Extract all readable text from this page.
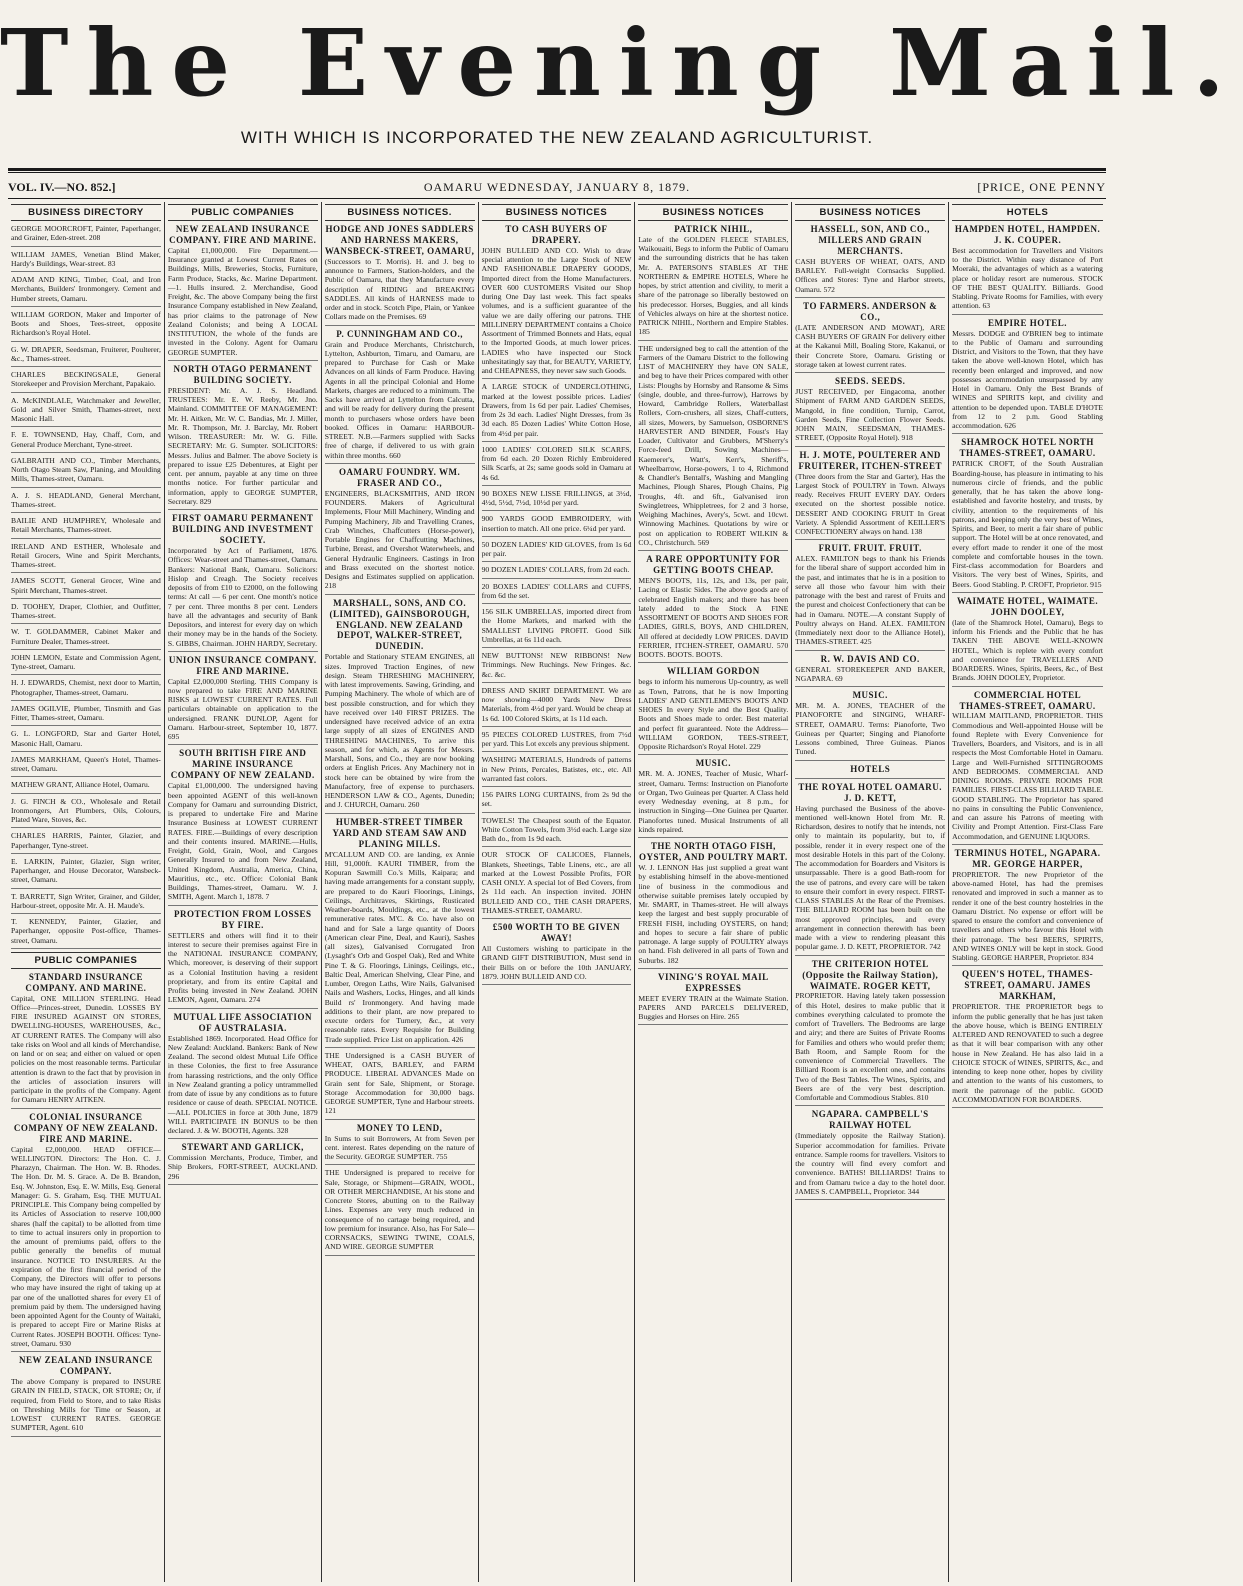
The Evening Mail.
WITH WHICH IS INCORPORATED THE NEW ZEALAND AGRICULTURIST.
VOL. IV.—NO. 852.]	OAMARU WEDNESDAY, JANUARY 8, 1879.	[PRICE, ONE PENNY
BUSINESS DIRECTORY
GEORGE MOORCROFT, Painter, Paperhanger, and Grainer, Eden-street. 208
WILLIAM JAMES, Venetian Blind Maker, Hardy's Buildings, Wear-street. 83
ADAM AND KING, Timber, Coal, and Iron Merchants, Builders' Ironmongery. Cement and Humber streets, Oamaru.
WILLIAM GORDON, Maker and Importer of Boots and Shoes, Tees-street, opposite Richardson's Royal Hotel.
G. W. DRAPER, Seedsman, Fruiterer, Poulterer, &c., Thames-street.
CHARLES BECKINGSALE, General Storekeeper and Provision Merchant, Papakaio.
A. McKINDLALE, Watchmaker and Jeweller, Gold and Silver Smith, Thames-street, next Masonic Hall.
F. E. TOWNSEND, Hay, Chaff, Corn, and General Produce Merchant, Tyne-street.
GALBRAITH AND CO., Timber Merchants, North Otago Steam Saw, Planing, and Moulding Mills, Thames-street, Oamaru.
A. J. S. HEADLAND, General Merchant, Thames-street.
BAILIE AND HUMPHREY, Wholesale and Retail Merchants, Thames-street.
IRELAND AND ESTHER, Wholesale and Retail Grocers, Wine and Spirit Merchants, Thames-street.
JAMES SCOTT, General Grocer, Wine and Spirit Merchant, Thames-street.
D. TOOHEY, Draper, Clothier, and Outfitter, Thames-street.
W. T. GOLDAMMER, Cabinet Maker and Furniture Dealer, Thames-street.
JOHN LEMON, Estate and Commission Agent, Tyne-street, Oamaru.
H. J. EDWARDS, Chemist, next door to Martin, Photographer, Thames-street, Oamaru.
JAMES OGILVIE, Plumber, Tinsmith and Gas Fitter, Thames-street, Oamaru.
G. L. LONGFORD, Star and Garter Hotel, Masonic Hall, Oamaru.
JAMES MARKHAM, Queen's Hotel, Thames-street, Oamaru.
MATHEW GRANT, Alliance Hotel, Oamaru.
J. G. FINCH & CO., Wholesale and Retail Ironmongers, Art Plumbers, Oils, Colours, Plated Ware, Stoves, &c.
CHARLES HARRIS, Painter, Glazier, and Paperhanger, Tyne-street.
E. LARKIN, Painter, Glazier, Sign writer, Paperhanger, and House Decorator, Wansbeck-street, Oamaru.
T. BARRETT, Sign Writer, Grainer, and Gilder, Harbour-street, opposite Mr. A. H. Maude's.
T. KENNEDY, Painter, Glazier, and Paperhanger, opposite Post-office, Thames-street, Oamaru.
PUBLIC COMPANIES
STANDARD INSURANCE COMPANY. AND MARINE.
Capital, ONE MILLION STERLING. Head Office—Princes-street, Dunedin. LOSSES BY FIRE INSURED AGAINST ON STORES, DWELLING-HOUSES, WAREHOUSES, &c., AT CURRENT RATES. The Company will also take risks on Wool and all kinds of Merchandise, on land or on sea; and either on valued or open policies on the most reasonable terms. Particular attention is drawn to the fact that by provision in the articles of association insurers will participate in the profits of the Company. Agent for Oamaru HENRY AITKEN.
COLONIAL INSURANCE COMPANY OF NEW ZEALAND. FIRE AND MARINE.
Capital £2,000,000. HEAD OFFICE—WELLINGTON. Directors: The Hon. C. J. Pharazyn, Chairman. The Hon. W. B. Rhodes. The Hon. Dr. M. S. Grace. A. De B. Brandon, Esq. W. Johnston, Esq. E. W. Mills, Esq. General Manager: G. S. Graham, Esq. THE MUTUAL PRINCIPLE. This Company being compelled by its Articles of Association to reserve 100,000 shares (half the capital) to be allotted from time to time to actual insurers only in proportion to the amount of premiums paid, offers to the public generally the benefits of mutual insurance. NOTICE TO INSURERS. At the expiration of the first financial period of the Company, the Directors will offer to persons who may have insured the right of taking up at par one of the unallotted shares for every £1 of premium paid by them. The undersigned having been appointed Agent for the County of Waitaki, is prepared to accept Fire or Marine Risks at Current Rates. JOSEPH BOOTH. Offices: Tyne-street, Oamaru. 930
NEW ZEALAND INSURANCE COMPANY.
The above Company is prepared to INSURE GRAIN IN FIELD, STACK, OR STORE; Or, if required, from Field to Store, and to take Risks on Threshing Mills for Time or Season, at LOWEST CURRENT RATES. GEORGE SUMPTER, Agent. 610
PUBLIC COMPANIES
NEW ZEALAND INSURANCE COMPANY. FIRE AND MARINE.
Capital £1,000,000. Fire Department.—Insurance granted at Lowest Current Rates on Buildings, Mills, Breweries, Stocks, Furniture, Farm Produce, Stacks, &c. Marine Department.—1. Hulls insured. 2. Merchandise, Good Freight, &c. The above Company being the first Insurance Company established in New Zealand, has prior claims to the patronage of New Zealand Colonists; and being A LOCAL INSTITUTION, the whole of the funds are invested in the Colony. Agent for Oamaru GEORGE SUMPTER.
NORTH OTAGO PERMANENT BUILDING SOCIETY.
PRESIDENT: Mr. A. J. S. Headland. TRUSTEES: Mr. E. W. Reeby, Mr. Jno. Mainland. COMMITTEE OF MANAGEMENT: Mr. H. Aitken, Mr. W. C. Bandias, Mr. J. Miller, Mr. R. Thompson, Mr. J. Barclay, Mr. Robert Wilson. TREASURER: Mr. W. G. Fille. SECRETARY: Mr. G. Sumpter. SOLICITORS: Messrs. Julius and Balmer. The above Society is prepared to issue £25 Debentures, at Eight per cent. per annum, payable at any time on three months notice. For further particular and information, apply to GEORGE SUMPTER, Secretary. 829
FIRST OAMARU PERMANENT BUILDING AND INVESTMENT SOCIETY.
Incorporated by Act of Parliament, 1876. Offices: Wear-street and Thames-street, Oamaru. Bankers: National Bank, Oamaru. Solicitors: Hislop and Creagh. The Society receives deposits of from £10 to £2000, on the following terms: At call — 6 per cent. One month's notice 7 per cent. Three months 8 per cent. Lenders have all the advantages and security of Bank Depositors, and interest for every day on which their money may be in the hands of the Society. S. GIBBS, Chairman. JOHN HARDY, Secretary.
UNION INSURANCE COMPANY. FIRE AND MARINE.
Capital £2,000,000 Sterling. THIS Company is now prepared to take FIRE AND MARINE RISKS at LOWEST CURRENT RATES. Full particulars obtainable on application to the undersigned. FRANK DUNLOP, Agent for Oamaru. Harbour-street, September 10, 1877. 695
SOUTH BRITISH FIRE AND MARINE INSURANCE COMPANY OF NEW ZEALAND.
Capital £1,000,000. The undersigned having been appointed AGENT of this well-known Company for Oamaru and surrounding District, is prepared to undertake Fire and Marine Insurance Business at LOWEST CURRENT RATES. FIRE.—Buildings of every description and their contents insured. MARINE.—Hulls, Freight, Gold, Grain, Wool, and Cargoes Generally Insured to and from New Zealand, United Kingdom, Australia, America, China, Mauritius, etc., etc. Office: Colonial Bank Buildings, Thames-street, Oamaru. W. J. SMITH, Agent. March 1, 1878. 7
PROTECTION FROM LOSSES BY FIRE.
SETTLERS and others will find it to their interest to secure their premises against Fire in the NATIONAL INSURANCE COMPANY, Which, moreover, is deserving of their support as a Colonial Institution having a resident proprietary, and from its entire Capital and Profits being invested in New Zealand. JOHN LEMON, Agent, Oamaru. 274
MUTUAL LIFE ASSOCIATION OF AUSTRALASIA.
Established 1869. Incorporated. Head Office for New Zealand: Auckland. Bankers: Bank of New Zealand. The second oldest Mutual Life Office in these Colonies, the first to free Assurance from harassing restrictions, and the only Office in New Zealand granting a policy untrammelled from date of issue by any conditions as to future residence or cause of death. SPECIAL NOTICE.—ALL POLICIES in force at 30th June, 1879 WILL PARTICIPATE IN BONUS to be then declared. J. & W. BOOTH, Agents. 328
STEWART AND GARLICK,
Commission Merchants, Produce, Timber, and Ship Brokers, FORT-STREET, AUCKLAND. 296
BUSINESS NOTICES.
HODGE AND JONES SADDLERS AND HARNESS MAKERS, WANSBECK-STREET, OAMARU,
(Successors to T. Morris). H. and J. beg to announce to Farmers, Station-holders, and the Public of Oamaru, that they Manufacture every description of RIDING and BREAKING SADDLES. All kinds of HARNESS made to order and in stock. Scotch Pipe, Plain, or Yankee Collars made on the Premises. 69
P. CUNNINGHAM AND CO.,
Grain and Produce Merchants, Christchurch, Lyttelton, Ashburton, Timaru, and Oamaru, are prepared to Purchase for Cash or Make Advances on all kinds of Farm Produce. Having Agents in all the principal Colonial and Home Markets, charges are reduced to a minimum. The Sacks have arrived at Lyttelton from Calcutta, and will be ready for delivery during the present month to purchasers whose orders have been booked. Offices in Oamaru: HARBOUR-STREET. N.B.—Farmers supplied with Sacks free of charge, if delivered to us with grain within three months. 660
OAMARU FOUNDRY. WM. FRASER AND CO.,
ENGINEERS, BLACKSMITHS, AND IRON FOUNDERS. Makers of Agricultural Implements, Flour Mill Machinery, Winding and Pumping Machinery, Jib and Travelling Cranes, Crab Winches, Chaffcutters (Horse-power), Portable Engines for Chaffcutting Machines, Turbine, Breast, and Overshot Waterwheels, and General Hydraulic Engineers. Castings in Iron and Brass executed on the shortest notice. Designs and Estimates supplied on application. 218
MARSHALL, SONS, AND CO. (LIMITED), GAINSBOROUGH, ENGLAND. NEW ZEALAND DEPOT, WALKER-STREET, DUNEDIN.
Portable and Stationary STEAM ENGINES, all sizes. Improved Traction Engines, of new design. Steam THRESHING MACHINERY, with latest improvements. Sawing, Grinding, and Pumping Machinery. The whole of which are of best possible construction, and for which they have received over 140 FIRST PRIZES. The undersigned have received advice of an extra large supply of all sizes of ENGINES AND THRESHING MACHINES, To arrive this season, and for which, as Agents for Messrs. Marshall, Sons, and Co., they are now booking orders at English Prices. Any Machinery not in stock here can be obtained by wire from the Manufactory, free of expense to purchasers. HENDERSON LAW & CO., Agents, Dunedin; and J. CHURCH, Oamaru. 260
HUMBER-STREET TIMBER YARD AND STEAM SAW AND PLANING MILLS.
M'CALLUM AND CO. are landing, ex Annie Hill, 91,000ft. KAURI TIMBER, from the Kopuran Sawmill Co.'s Mills, Kaipara; and having made arrangements for a constant supply, are prepared to do Kauri Floorings, Linings, Ceilings, Architraves, Skirtings, Rusticated Weather-boards, Mouldings, etc., at the lowest remunerative rates. M'C. & Co. have also on hand and for Sale a large quantity of Doors (American clear Pine, Deal, and Kauri), Sashes (all sizes), Galvanised Corrugated Iron (Lysaght's Orb and Gospel Oak), Red and White Pine T. & G. Floorings, Linings, Ceilings, etc., Baltic Deal, American Shelving, Clear Pine, and Lumber, Oregon Laths, Wire Nails, Galvanised Nails and Washers, Locks, Hinges, and all kinds Build rs' Ironmongery. And having made additions to their plant, are now prepared to execute orders for Turnery, &c., at very reasonable rates. Every Requisite for Building Trade supplied. Price List on application. 426
THE Undersigned is a CASH BUYER of WHEAT, OATS, BARLEY, and FARM PRODUCE. LIBERAL ADVANCES Made on Grain sent for Sale, Shipment, or Storage. Storage Accommodation for 30,000 bags. GEORGE SUMPTER, Tyne and Harbour streets. 121
MONEY TO LEND,
In Sums to suit Borrowers, At from Seven per cent. interest. Rates depending on the nature of the Security. GEORGE SUMPTER. 755
THE Undersigned is prepared to receive for Sale, Storage, or Shipment—GRAIN, WOOL, OR OTHER MERCHANDISE, At his stone and Concrete Stores, abutting on to the Railway Lines. Expenses are very much reduced in consequence of no cartage being required, and low premium for insurance. Also, has For Sale—CORNSACKS, SEWING TWINE, COALS, AND WIRE. GEORGE SUMPTER
BUSINESS NOTICES
TO CASH BUYERS OF DRAPERY.
JOHN BULLEID AND CO. Wish to draw special attention to the Large Stock of NEW AND FASHIONABLE DRAPERY GOODS, Imported direct from the Home Manufacturers. OVER 600 CUSTOMERS Visited our Shop during One Day last week. This fact speaks volumes, and is a sufficient guarantee of the value we are daily offering our patrons. THE MILLINERY DEPARTMENT contains a Choice Assortment of Trimmed Bonnets and Hats, equal to the Imported Goods, at much lower prices. LADIES who have inspected our Stock unhesitatingly say that, for BEAUTY, VARIETY, and CHEAPNESS, they never saw such Goods.
A LARGE STOCK of UNDERCLOTHING, marked at the lowest possible prices. Ladies' Drawers, from 1s 6d per pair. Ladies' Chemises, from 2s 3d each. Ladies' Night Dresses, from 3s 3d each. 85 Dozen Ladies' White Cotton Hose, from 4½d per pair.
1000 LADIES' COLORED SILK SCARFS, from 6d each. 20 Dozen Richly Embroidered Silk Scarfs, at 2s; same goods sold in Oamaru at 4s 6d.
90 BOXES NEW LISSE FRILLINGS, at 3½d, 4½d, 5½d, 7½d, 10½d per yard.
900 YARDS GOOD EMBROIDERY, with insertion to match. All one price. 6¼d per yard.
50 DOZEN LADIES' KID GLOVES, from 1s 6d per pair.
90 DOZEN LADIES' COLLARS, from 2d each.
20 BOXES LADIES' COLLARS and CUFFS, from 6d the set.
156 SILK UMBRELLAS, imported direct from the Home Markets, and marked with the SMALLEST LIVING PROFIT. Good Silk Umbrellas, at 6s 11d each.
NEW BUTTONS! NEW RIBBONS! New Trimmings. New Ruchings. New Fringes. &c. &c. &c.
DRESS AND SKIRT DEPARTMENT. We are now showing—4000 Yards New Dress Materials, from 4½d per yard. Would be cheap at 1s 6d. 100 Colored Skirts, at 1s 11d each.
95 PIECES COLORED LUSTRES, from 7½d per yard. This Lot excels any previous shipment.
WASHING MATERIALS, Hundreds of patterns in New Prints, Percales, Batistes, etc., etc. All warranted fast colors.
156 PAIRS LONG CURTAINS, from 2s 9d the set.
TOWELS! The Cheapest south of the Equator. White Cotton Towels, from 3½d each. Large size Bath do., from 1s 9d each.
OUR STOCK OF CALICOES, Flannels, Blankets, Sheetings, Table Linens, etc., are all marked at the Lowest Possible Profits, FOR CASH ONLY. A special lot of Bed Covers, from 2s 11d each. An inspection invited. JOHN BULLEID AND CO., THE CASH DRAPERS, THAMES-STREET, OAMARU.
£500 WORTH TO BE GIVEN AWAY!
All Customers wishing to participate in the GRAND GIFT DISTRIBUTION, Must send in their Bills on or before the 10th JANUARY, 1879. JOHN BULLEID AND CO.
BUSINESS NOTICES
PATRICK NIHIL,
Late of the GOLDEN FLEECE STABLES, Waikouaiti, Begs to inform the Public of Oamaru and the surrounding districts that he has taken Mr. A. PATERSON'S STABLES AT THE NORTHERN & EMPIRE HOTELS, Where he hopes, by strict attention and civility, to merit a share of the patronage so liberally bestowed on his predecessor. Horses, Buggies, and all kinds of Vehicles always on hire at the shortest notice. PATRICK NIHIL, Northern and Empire Stables. 185
THE undersigned beg to call the attention of the Farmers of the Oamaru District to the following LIST of MACHINERY they have ON SALE, and beg to have their Prices compared with other Lists: Ploughs by Hornsby and Ransome & Sims (single, double, and three-furrow), Harrows by Howard, Cambridge Rollers, Waterballast Rollers, Corn-crushers, all sizes, Chaff-cutters, all sizes, Mowers, by Samuelson, OSBORNE'S HARVESTER AND BINDER, Foust's Hay Loader, Cultivator and Grubbers, M'Sherry's Force-feed Drill, Sowing Machines—Kaemerer's, Watt's, Kerr's, Sheriff's, Wheelbarrow, Horse-powers, 1 to 4, Richmond & Chandler's Bentall's, Washing and Mangling Machines, Plough Shares, Plough Chains, Pig Troughs, 4ft. and 6ft., Galvanised iron Swingletrees, Whippletrees, for 2 and 3 horse, Weighing Machines, Avery's, 5cwt. and 10cwt. Winnowing Machines. Quotations by wire or post on application to ROBERT WILKIN & CO., Christchurch. 569
A RARE OPPORTUNITY FOR GETTING BOOTS CHEAP.
MEN'S BOOTS, 11s, 12s, and 13s, per pair, Lacing or Elastic Sides. The above goods are of celebrated English makers; and there has been lately added to the Stock A FINE ASSORTMENT OF BOOTS AND SHOES FOR LADIES, GIRLS, BOYS, AND CHILDREN, All offered at decidedly LOW PRICES. DAVID FERRIER, ITCHEN-STREET, OAMARU. 570 BOOTS. BOOTS. BOOTS.
WILLIAM GORDON
begs to inform his numerous Up-country, as well as Town, Patrons, that he is now Importing LADIES' AND GENTLEMEN'S BOOTS AND SHOES In every Style and the Best Quality. Boots and Shoes made to order. Best material and perfect fit guaranteed. Note the Address—WILLIAM GORDON, TEES-STREET, Opposite Richardson's Royal Hotel. 229
MUSIC.
MR. M. A. JONES, Teacher of Music, Wharf-street, Oamaru. Terms: Instruction on Pianoforte or Organ, Two Guineas per Quarter. A Class held every Wednesday evening, at 8 p.m., for instruction in Singing—One Guinea per Quarter. Pianofortes tuned. Musical Instruments of all kinds repaired.
THE NORTH OTAGO FISH, OYSTER, AND POULTRY MART.
W. J. LENNON Has just supplied a great want by establishing himself in the above-mentioned line of business in the commodious and otherwise suitable premises lately occupied by Mr. SMART, in Thames-street. He will always keep the largest and best supply procurable of FRESH FISH, including OYSTERS, on hand; and hopes to secure a fair share of public patronage. A large supply of POULTRY always on hand. Fish delivered in all parts of Town and Suburbs. 182
VINING'S ROYAL MAIL EXPRESSES
MEET EVERY TRAIN at the Waimate Station. PAPERS AND PARCELS DELIVERED, Buggies and Horses on Hire. 265
BUSINESS NOTICES
HASSELL, SON, AND CO., MILLERS AND GRAIN MERCHANTS.
CASH BUYERS OF WHEAT, OATS, AND BARLEY. Full-weight Cornsacks Supplied. Offices and Stores: Tyne and Harbor streets, Oamaru. 572
TO FARMERS. ANDERSON & CO.,
(LATE ANDERSON AND MOWAT), ARE CASH BUYERS OF GRAIN For delivery either at the Kakanui Mill, Boaling Store, Kakanui, or their Concrete Store, Oamaru. Gristing or storage taken at lowest current rates.
SEEDS. SEEDS.
JUST RECEIVED, per Eingacoma, another Shipment of FARM AND GARDEN SEEDS, Mangold, in fine condition, Turnip, Carrot, Garden Seeds, Fine Collection Flower Seeds. JOHN MAIN, SEEDSMAN, THAMES-STREET, (Opposite Royal Hotel). 918
H. J. MOTE, POULTERER AND FRUITERER, ITCHEN-STREET
(Three doors from the Star and Garter), Has the Largest Stock of POULTRY in Town. Always ready. Receives FRUIT EVERY DAY. Orders executed on the shortest possible notice. DESSERT AND COOKING FRUIT In Great Variety. A Splendid Assortment of KEILLER'S CONFECTIONERY always on hand. 138
FRUIT. FRUIT. FRUIT.
ALEX. FAMILTON begs to thank his Friends for the liberal share of support accorded him in the past, and intimates that he is in a position to serve all those who favour him with their patronage with the best and rarest of Fruits and the purest and choicest Confectionery that can be had in Oamaru. NOTE.—A constant Supply of Poultry always on Hand. ALEX. FAMILTON (Immediately next door to the Alliance Hotel), THAMES-STREET. 425
R. W. DAVIS AND CO.
GENERAL STOREKEEPER AND BAKER, NGAPARA. 69
MUSIC.
MR. M. A. JONES, TEACHER of the PIANOFORTE and SINGING, WHARF-STREET, OAMARU. Terms: Pianoforte, Two Guineas per Quarter; Singing and Pianoforte Lessons combined, Three Guineas. Pianos Tuned.
HOTELS
THE ROYAL HOTEL OAMARU. J. D. KETT,
Having purchased the Business of the above-mentioned well-known Hotel from Mr. R. Richardson, desires to notify that he intends, not only to maintain its popularity, but to, if possible, render it in every respect one of the most desirable Hotels in this part of the Colony. The accommodation for Boarders and Visitors is unsurpassable. There is a good Bath-room for the use of patrons, and every care will be taken to ensure their comfort in every respect. FIRST-CLASS STABLES At the Rear of the Premises. THE BILLIARD ROOM has been built on the most approved principles, and every arrangement in connection therewith has been made with a view to rendering pleasant this popular game. J. D. KETT, PROPRIETOR. 742
THE CRITERION HOTEL (Opposite the Railway Station), WAIMATE. ROGER KETT,
PROPRIETOR. Having lately taken possession of this Hotel, desires to make public that it combines everything calculated to promote the comfort of Travellers. The Bedrooms are large and airy; and there are Suites of Private Rooms for Families and others who would prefer them; Bath Room, and Sample Room for the convenience of Commercial Travellers. The Billiard Room is an excellent one, and contains Two of the Best Tables. The Wines, Spirits, and Beers are of the very best description. Comfortable and Commodious Stables. 810
NGAPARA. CAMPBELL'S RAILWAY HOTEL
(Immediately opposite the Railway Station). Superior accommodation for families. Private entrance. Sample rooms for travellers. Visitors to the country will find every comfort and convenience. BATHS! BILLIARDS! Trains to and from Oamaru twice a day to the hotel door. JAMES S. CAMPBELL, Proprietor. 344
HOTELS
HAMPDEN HOTEL, HAMPDEN. J. K. COUPER.
Best accommodation for Travellers and Visitors to the District. Within easy distance of Port Moeraki, the advantages of which as a watering place or holiday resort are numerous. STOCK OF THE BEST QUALITY. Billiards. Good Stabling. Private Rooms for Families, with every attention. 63
EMPIRE HOTEL.
Messrs. DODGE and O'BRIEN beg to intimate to the Public of Oamaru and surrounding District, and Visitors to the Town, that they have taken the above well-known Hotel, which has recently been enlarged and improved, and now possesses accommodation unsurpassed by any Hotel in Oamaru. Only the Best Brands of WINES and SPIRITS kept, and civility and attention to be depended upon. TABLE D'HOTE from 12 to 2 p.m. Good Stabling accommodation. 626
SHAMROCK HOTEL NORTH THAMES-STREET, OAMARU.
PATRICK CROFT, of the South Australian Boarding-house, has pleasure in intimating to his numerous circle of friends, and the public generally, that he has taken the above long-established and favorite hostelry, and trusts, by civility, attention to the requirements of his patrons, and keeping only the very best of Wines, Spirits, and Beer, to merit a fair share of public support. The Hotel will be at once renovated, and every effort made to render it one of the most complete and comfortable houses in the town. First-class accommodation for Boarders and Visitors. The very best of Wines, Spirits, and Beers. Good Stabling. P. CROFT, Proprietor. 915
WAIMATE HOTEL, WAIMATE. JOHN DOOLEY,
(late of the Shamrock Hotel, Oamaru), Begs to inform his Friends and the Public that he has TAKEN THE ABOVE WELL-KNOWN HOTEL, Which is replete with every comfort and convenience for TRAVELLERS AND BOARDERS. Wines, Spirits, Beers, &c., of Best Brands. JOHN DOOLEY, Proprietor.
COMMERCIAL HOTEL THAMES-STREET, OAMARU.
WILLIAM MAITLAND, PROPRIETOR. THIS Commodious and Well-appointed House will be found Replete with Every Convenience for Travellers, Boarders, and Visitors, and is in all respects the Most Comfortable Hotel in Oamaru. Large and Well-Furnished SITTINGROOMS AND BEDROOMS. COMMERCIAL AND DINING ROOMS. PRIVATE ROOMS FOR FAMILIES. FIRST-CLASS BILLIARD TABLE. GOOD STABLING. The Proprietor has spared no pains in consulting the Public Convenience, and can assure his Patrons of meeting with Civility and Prompt Attention. First-Class Fare Accommodation, and GENUINE LIQUORS.
TERMINUS HOTEL, NGAPARA. MR. GEORGE HARPER,
PROPRIETOR. The new Proprietor of the above-named Hotel, has had the premises renovated and improved in such a manner as to render it one of the best country hostelries in the Oamaru District. No expense or effort will be spared to ensure the comfort and convenience of travellers and others who favour this Hotel with their patronage. The best BEERS, SPIRITS, AND WINES ONLY will be kept in stock. Good Stabling. GEORGE HARPER, Proprietor. 834
QUEEN'S HOTEL, THAMES-STREET, OAMARU. JAMES MARKHAM,
PROPRIETOR. THE PROPRIETOR begs to inform the public generally that he has just taken the above house, which is BEING ENTIRELY ALTERED AND RENOVATED to such a degree as that it will bear comparison with any other house in New Zealand. He has also laid in a CHOICE STOCK of WINES, SPIRITS, &c., and intending to keep none other, hopes by civility and attention to the wants of his customers, to merit the patronage of the public. GOOD ACCOMMODATION FOR BOARDERS.
